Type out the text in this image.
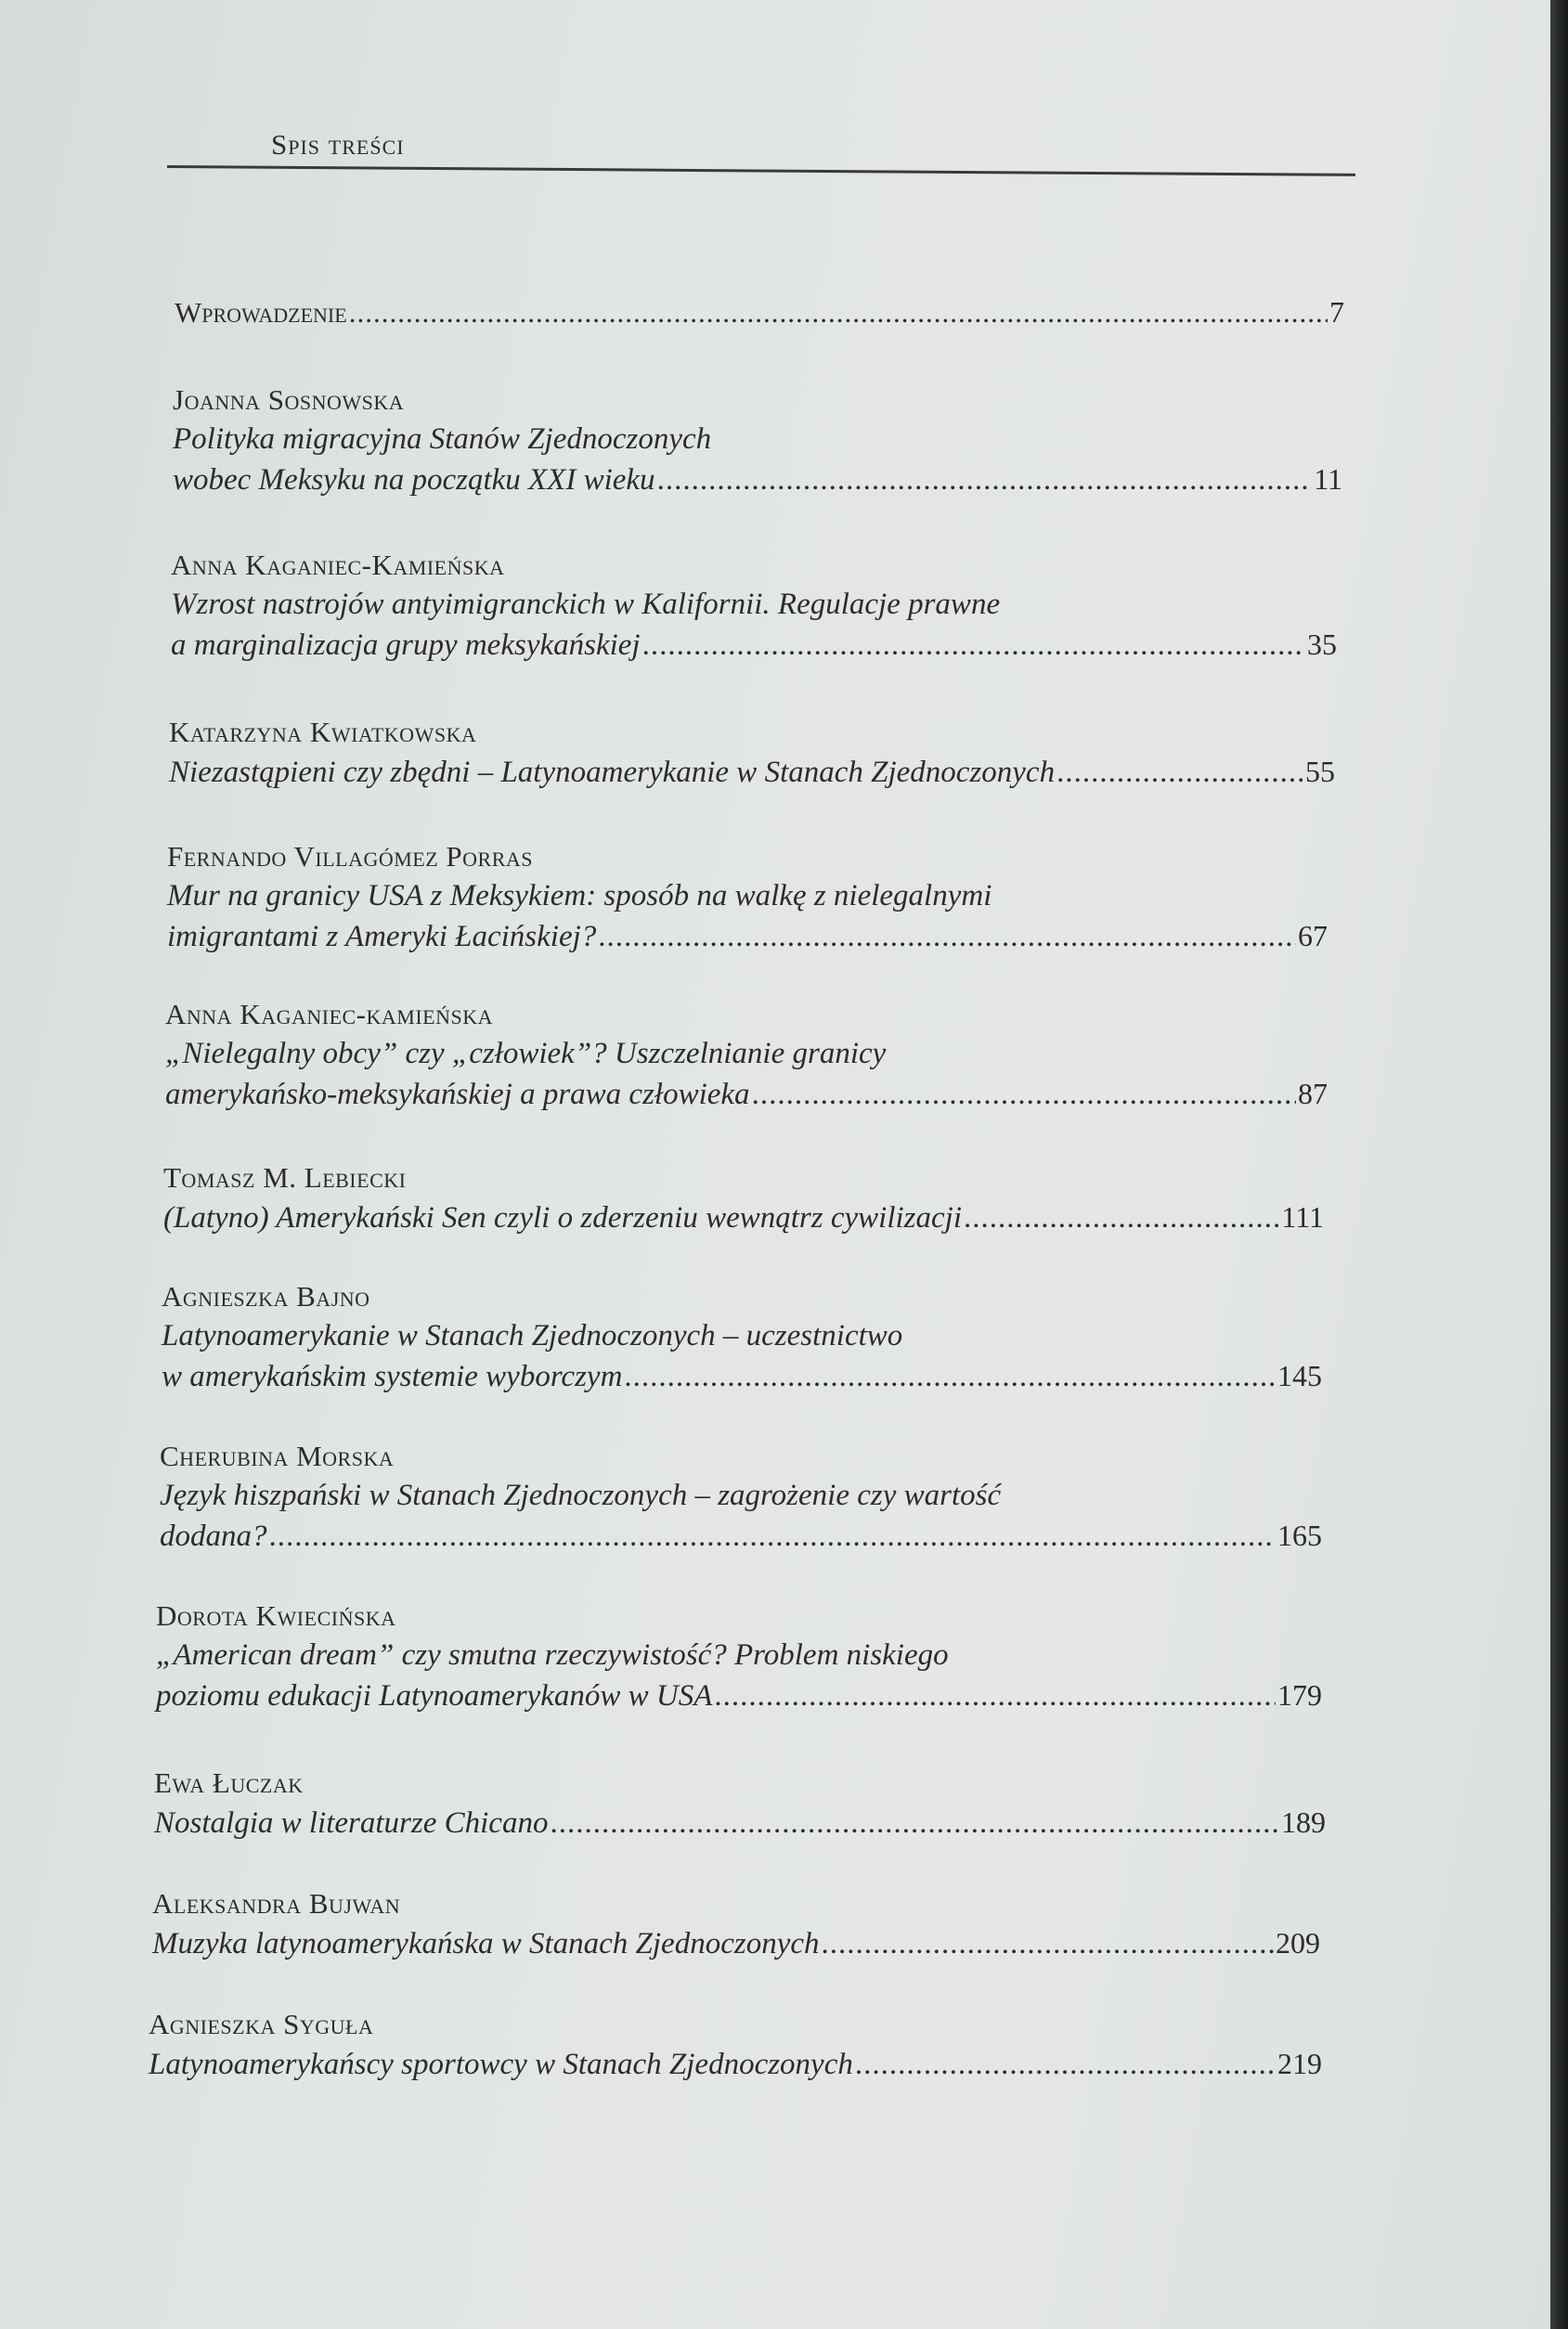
Spis treści
Wprowadzenie .....	7
Joanna Sosnowska
Polityka migracyjna Stanów Zjednoczonych
wobec Meksyku na początku XXI wieku .....	11
Anna Kaganiec-Kamieńska
Wzrost nastrojów antyimigranckich w Kalifornii. Regulacje prawne
a marginalizacja grupy meksykańskiej .....	35
Katarzyna Kwiatkowska
Niezastąpieni czy zbędni – Latynoamerykanie w Stanach Zjednoczonych .....	55
Fernando Villagómez Porras
Mur na granicy USA z Meksykiem: sposób na walkę z nielegalnymi
imigrantami z Ameryki Łacińskiej? .....	67
Anna Kaganiec-kamieńska
„Nielegalny obcy” czy „człowiek”? Uszczelnianie granicy
amerykańsko-meksykańskiej a prawa człowieka .....	87
Tomasz M. Lebiecki
(Latyno) Amerykański Sen czyli o zderzeniu wewnątrz cywilizacji .....	111
Agnieszka Bajno
Latynoamerykanie w Stanach Zjednoczonych – uczestnictwo
w amerykańskim systemie wyborczym .....	145
Cherubina Morska
Język hiszpański w Stanach Zjednoczonych – zagrożenie czy wartość
dodana? .....	165
Dorota Kwiecińska
„American dream” czy smutna rzeczywistość? Problem niskiego
poziomu edukacji Latynoamerykanów w USA .....	179
Ewa Łuczak
Nostalgia w literaturze Chicano .....	189
Aleksandra Bujwan
Muzyka latynoamerykańska w Stanach Zjednoczonych .....	209
Agnieszka Syguła
Latynoamerykańscy sportowcy w Stanach Zjednoczonych .....	219
